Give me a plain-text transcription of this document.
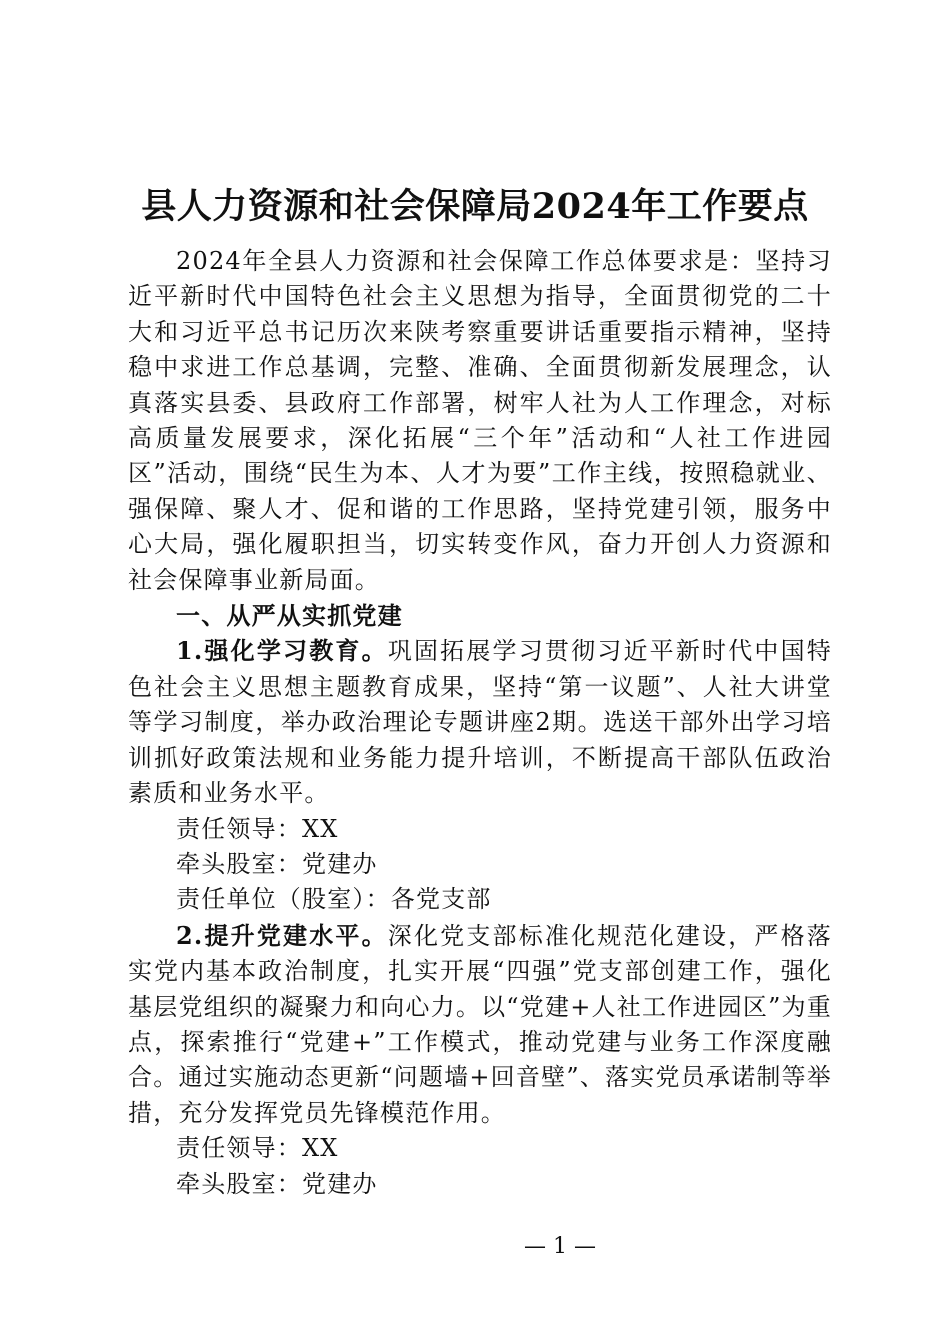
县人力资源和社会保障局2024年工作要点

2024年全县人力资源和社会保障工作总体要求是：坚持习近平新时代中国特色社会主义思想为指导，全面贯彻党的二十大和习近平总书记历次来陕考察重要讲话重要指示精神，坚持稳中求进工作总基调，完整、准确、全面贯彻新发展理念，认真落实县委、县政府工作部署，树牢人社为人工作理念，对标高质量发展要求，深化拓展“三个年”活动和“人社工作进园区”活动，围绕“民生为本、人才为要”工作主线，按照稳就业、强保障、聚人才、促和谐的工作思路，坚持党建引领，服务中心大局，强化履职担当，切实转变作风，奋力开创人力资源和社会保障事业新局面。

一、从严从实抓党建

1.强化学习教育。巩固拓展学习贯彻习近平新时代中国特色社会主义思想主题教育成果，坚持“第一议题”、人社大讲堂等学习制度，举办政治理论专题讲座2期。选送干部外出学习培训抓好政策法规和业务能力提升培训，不断提高干部队伍政治素质和业务水平。

责任领导：XX

牵头股室：党建办

责任单位（股室）：各党支部

2.提升党建水平。深化党支部标准化规范化建设，严格落实党内基本政治制度，扎实开展“四强”党支部创建工作，强化基层党组织的凝聚力和向心力。以“党建+人社工作进园区”为重点，探索推行“党建+”工作模式，推动党建与业务工作深度融合。通过实施动态更新“问题墙+回音壁”、落实党员承诺制等举措，充分发挥党员先锋模范作用。

责任领导：XX

牵头股室：党建办

— 1 —
